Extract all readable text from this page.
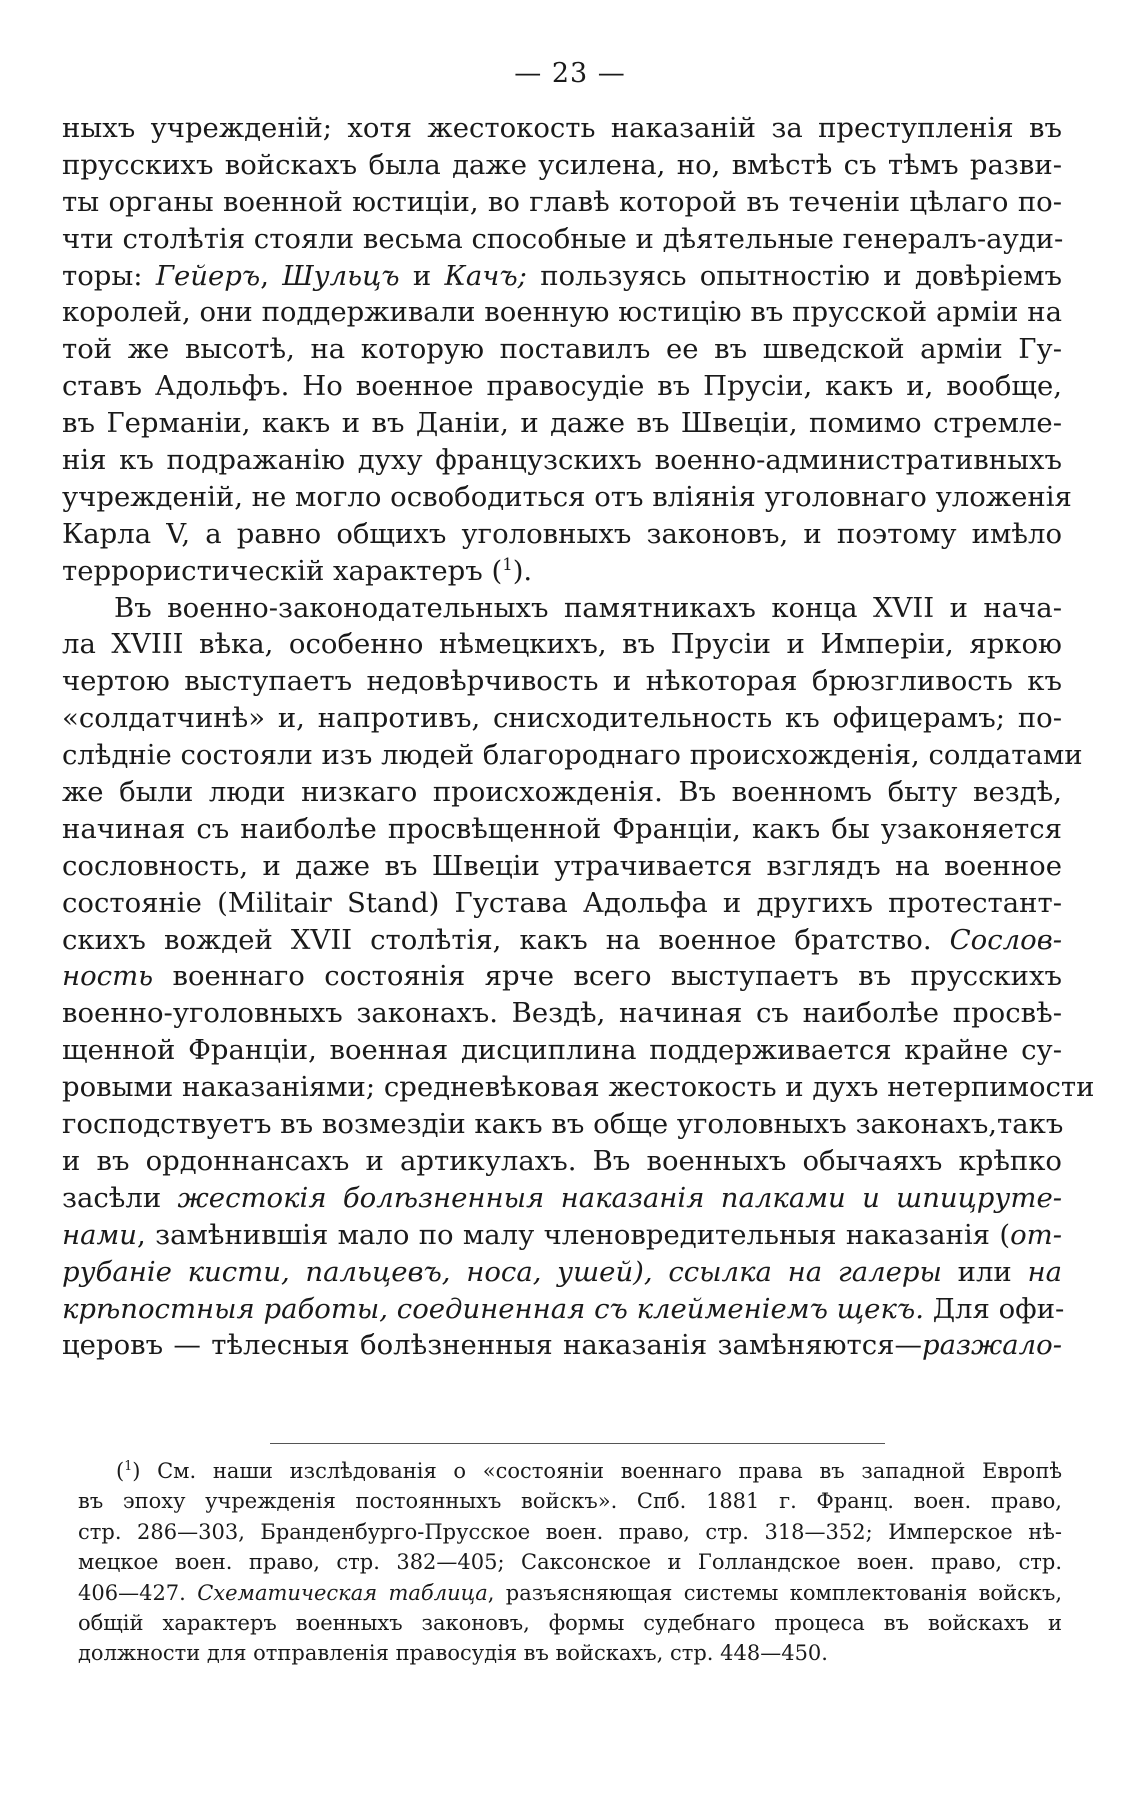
— 23 —
ныхъ учрежденій; хотя жестокость наказаній за преступленія въ
прусскихъ войскахъ была даже усилена, но, вмѣстѣ съ тѣмъ разви-
ты органы военной юстиціи, во главѣ которой въ теченіи цѣлаго по-
чти столѣтія стояли весьма способные и дѣятельные генералъ-ауди-
торы: Гейеръ, Шульцъ и Качъ; пользуясь опытностію и довѣріемъ
королей, они поддерживали военную юстицію въ прусской арміи на
той же высотѣ, на которую поставилъ ее въ шведской арміи Гу-
ставъ Адольфъ. Но военное правосудіе въ Прусіи, какъ и, вообще,
въ Германіи, какъ и въ Даніи, и даже въ Швеціи, помимо стремле-
нія къ подражанію духу французскихъ военно-административныхъ
учрежденій, не могло освободиться отъ вліянія уголовнаго уложенія
Карла V, а равно общихъ уголовныхъ законовъ, и поэтому имѣло
террористическій характеръ ($^1$).
Въ военно-законодательныхъ памятникахъ конца XVII и нача-
ла XVIII вѣка, особенно нѣмецкихъ, въ Прусіи и Имперіи, яркою
чертою выступаетъ недовѣрчивость и нѣкоторая брюзгливость къ
«солдатчинѣ» и, напротивъ, снисходительность къ офицерамъ; по-
слѣдніе состояли изъ людей благороднаго происхожденія, солдатами
же были люди низкаго происхожденія. Въ военномъ быту вездѣ,
начиная съ наиболѣе просвѣщенной Франціи, какъ бы узаконяется
сословность, и даже въ Швеціи утрачивается взглядъ на военное
состояніе (Militair Stand) Густава Адольфа и другихъ протестант-
скихъ вождей XVII столѣтія, какъ на военное братство. Сослов-
ность военнаго состоянія ярче всего выступаетъ въ прусскихъ
военно-уголовныхъ законахъ. Вездѣ, начиная съ наиболѣе просвѣ-
щенной Франціи, военная дисциплина поддерживается крайне су-
ровыми наказаніями; средневѣковая жестокость и духъ нетерпимости
господствуетъ въ возмездіи какъ въ обще уголовныхъ законахъ,такъ
и въ ордоннансахъ и артикулахъ. Въ военныхъ обычаяхъ крѣпко
засѣли жестокія болѣзненныя наказанія палками и шпицрутe-
нами, замѣнившія мало по малу членовредительныя наказанія (от-
рубаніе кисти, пальцевъ, носа, ушей), ссылка на галеры или на
крѣпостныя работы, соединенная съ клейменіемъ щекъ. Для офи-
церовъ — тѣлесныя болѣзненныя наказанія замѣняются—разжало-
($^1$) См. наши изслѣдованія о «состояніи военнаго права въ западной Европѣ
въ эпоху учрежденія постоянныхъ войскъ». Спб. 1881 г. Франц. воен. право,
стр. 286—303, Бранденбурго-Прусское воен. право, стр. 318—352; Имперское нѣ-
мецкое воен. право, стр. 382—405; Саксонское и Голландское воен. право, стр.
406—427. Схематическая таблица, разъясняющая системы комплектованія войскъ,
общій характеръ военныхъ законовъ, формы судебнаго процеса въ войскахъ и
должности для отправленія правосудія въ войскахъ, стр. 448—450.
